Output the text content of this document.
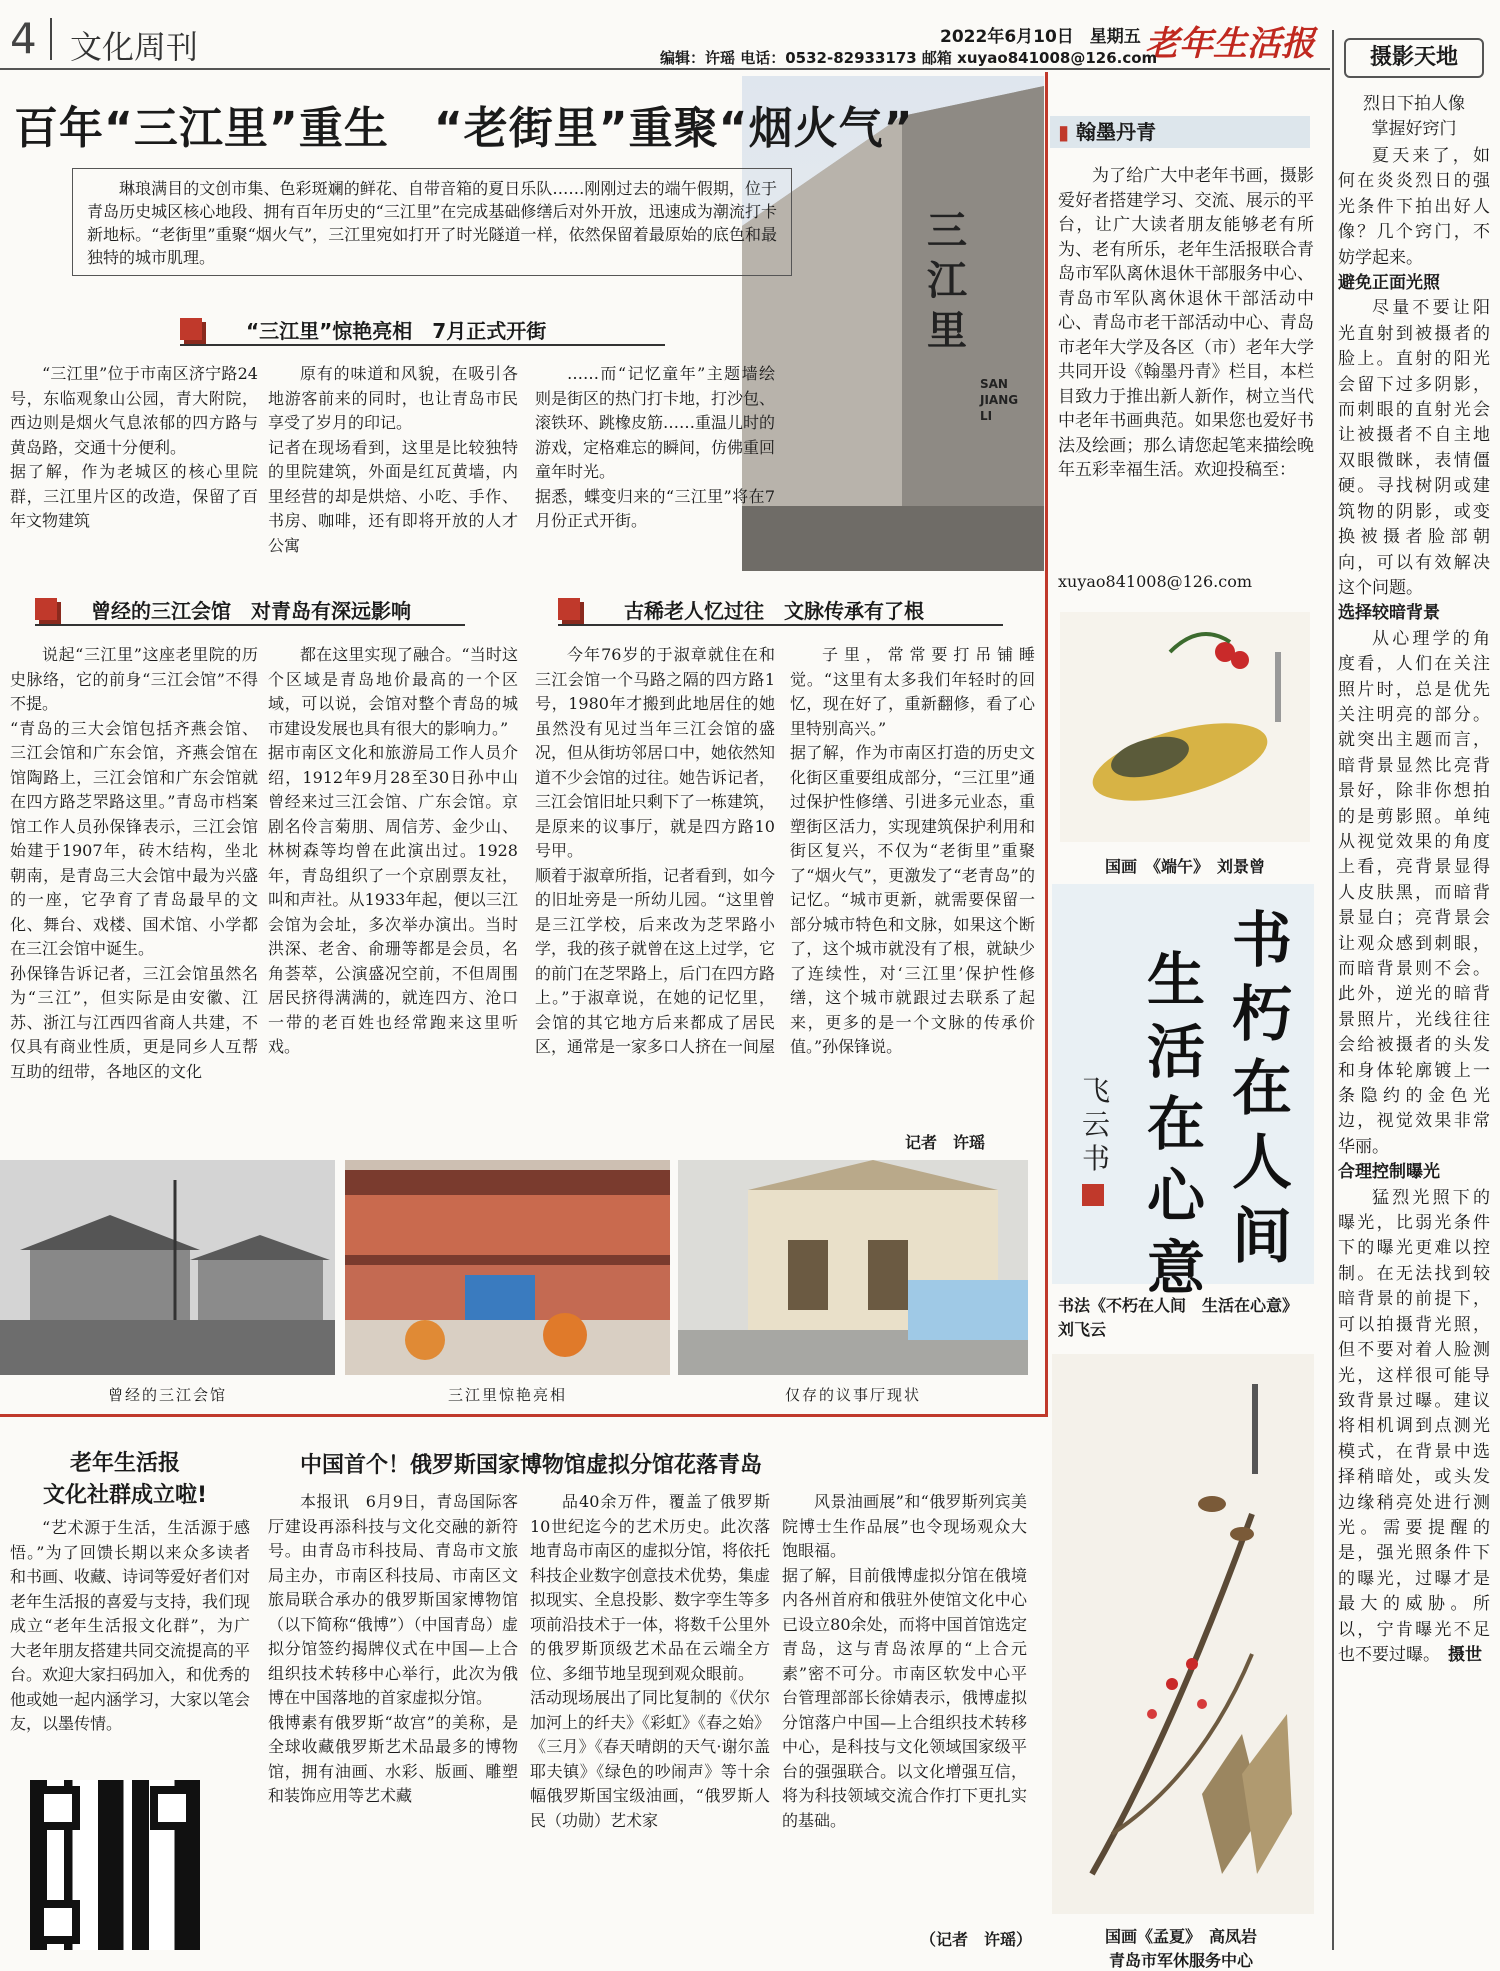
4 文化周刊	2022年6月10日 星期五 老年生活报
编辑：许瑶 电话：0532-82933173 邮箱 xuyao841008@126.com
三江里
SAN JIANG LI
百年“三江里”重生　“老街里”重聚“烟火气”
琳琅满目的文创市集、色彩斑斓的鲜花、自带音箱的夏日乐队……刚刚过去的端午假期，位于青岛历史城区核心地段、拥有百年历史的“三江里”在完成基础修缮后对外开放，迅速成为潮流打卡新地标。“老街里”重聚“烟火气”，三江里宛如打开了时光隧道一样，依然保留着最原始的底色和最独特的城市肌理。
“三江里”惊艳亮相　7月正式开街
“三江里”位于市南区济宁路24号，东临观象山公园，青大附院，西边则是烟火气息浓郁的四方路与黄岛路，交通十分便利。
据了解，作为老城区的核心里院群，三江里片区的改造，保留了百年文物建筑
原有的味道和风貌，在吸引各地游客前来的同时，也让青岛市民享受了岁月的印记。
记者在现场看到，这里是比较独特的里院建筑，外面是红瓦黄墙，内里经营的却是烘焙、小吃、手作、书房、咖啡，还有即将开放的人才公寓
……而“记忆童年”主题墙绘则是街区的热门打卡地，打沙包、滚铁环、跳橡皮筋……重温儿时的游戏，定格难忘的瞬间，仿佛重回童年时光。
据悉，蝶变归来的“三江里”将在7月份正式开街。
曾经的三江会馆　对青岛有深远影响	古稀老人忆过往　文脉传承有了根
说起“三江里”这座老里院的历史脉络，它的前身“三江会馆”不得不提。
“青岛的三大会馆包括齐燕会馆、三江会馆和广东会馆，齐燕会馆在馆陶路上，三江会馆和广东会馆就在四方路芝罘路这里。”青岛市档案馆工作人员孙保锋表示，三江会馆始建于1907年，砖木结构，坐北朝南，是青岛三大会馆中最为兴盛的一座，它孕育了青岛最早的文化、舞台、戏楼、国术馆、小学都在三江会馆中诞生。
孙保锋告诉记者，三江会馆虽然名为“三江”，但实际是由安徽、江苏、浙江与江西四省商人共建，不仅具有商业性质，更是同乡人互帮互助的纽带，各地区的文化
都在这里实现了融合。“当时这个区域是青岛地价最高的一个区域，可以说，会馆对整个青岛的城市建设发展也具有很大的影响力。”
据市南区文化和旅游局工作人员介绍，1912年9月28至30日孙中山曾经来过三江会馆、广东会馆。京剧名伶言菊朋、周信芳、金少山、林树森等均曾在此演出过。1928年，青岛组织了一个京剧票友社，叫和声社。从1933年起，便以三江会馆为会址，多次举办演出。当时洪深、老舍、俞珊等都是会员，名角荟萃，公演盛况空前，不但周围居民挤得满满的，就连四方、沧口一带的老百姓也经常跑来这里听戏。
今年76岁的于淑章就住在和三江会馆一个马路之隔的四方路1号，1980年才搬到此地居住的她虽然没有见过当年三江会馆的盛况，但从街坊邻居口中，她依然知道不少会馆的过往。她告诉记者，三江会馆旧址只剩下了一栋建筑，是原来的议事厅，就是四方路10号甲。
顺着于淑章所指，记者看到，如今的旧址旁是一所幼儿园。“这里曾是三江学校，后来改为芝罘路小学，我的孩子就曾在这上过学，它的前门在芝罘路上，后门在四方路上。”于淑章说，在她的记忆里，会馆的其它地方后来都成了居民区，通常是一家多口人挤在一间屋
子里，常常要打吊铺睡觉。“这里有太多我们年轻时的回忆，现在好了，重新翻修，看了心里特别高兴。”
据了解，作为市南区打造的历史文化街区重要组成部分，“三江里”通过保护性修缮、引进多元业态，重塑街区活力，实现建筑保护利用和街区复兴，不仅为“老街里”重聚了“烟火气”，更激发了“老青岛”的记忆。“城市更新，就需要保留一部分城市特色和文脉，如果这个断了，这个城市就没有了根，就缺少了连续性，对‘三江里’保护性修缮，这个城市就跟过去联系了起来，更多的是一个文脉的传承价值。”孙保锋说。
记者　许瑶
曾经的三江会馆	三江里惊艳亮相	仅存的议事厅现状
老年生活报
文化社群成立啦!
“艺术源于生活，生活源于感悟。”为了回馈长期以来众多读者和书画、收藏、诗词等爱好者们对老年生活报的喜爱与支持，我们现成立“老年生活报文化群”，为广大老年朋友搭建共同交流提高的平台。欢迎大家扫码加入，和优秀的他或她一起内涵学习，大家以笔会友，以墨传情。
中国首个！俄罗斯国家博物馆虚拟分馆花落青岛
本报讯　6月9日，青岛国际客厅建设再添科技与文化交融的新符号。由青岛市科技局、青岛市文旅局主办，市南区科技局、市南区文旅局联合承办的俄罗斯国家博物馆（以下简称“俄博”）（中国青岛）虚拟分馆签约揭牌仪式在中国—上合组织技术转移中心举行，此次为俄博在中国落地的首家虚拟分馆。
俄博素有俄罗斯“故宫”的美称，是全球收藏俄罗斯艺术品最多的博物馆，拥有油画、水彩、版画、雕塑和装饰应用等艺术藏
品40余万件，覆盖了俄罗斯10世纪迄今的艺术历史。此次落地青岛市南区的虚拟分馆，将依托科技企业数字创意技术优势，集虚拟现实、全息投影、数字孪生等多项前沿技术于一体，将数千公里外的俄罗斯顶级艺术品在云端全方位、多细节地呈现到观众眼前。
活动现场展出了同比复制的《伏尔加河上的纤夫》《彩虹》《春之始》《三月》《春天晴朗的天气·谢尔盖耶夫镇》《绿色的吵闹声》等十余幅俄罗斯国宝级油画，“俄罗斯人民（功勋）艺术家
风景油画展”和“俄罗斯列宾美院博士生作品展”也令现场观众大饱眼福。
据了解，目前俄博虚拟分馆在俄境内各州首府和俄驻外使馆文化中心已设立80余处，而将中国首馆选定青岛，这与青岛浓厚的“上合元素”密不可分。市南区软发中心平台管理部部长徐婧表示，俄博虚拟分馆落户中国—上合组织技术转移中心，是科技与文化领域国家级平台的强强联合。以文化增强互信，将为科技领域交流合作打下更扎实的基础。
（记者　许瑶）
▮ 翰墨丹青
为了给广大中老年书画，摄影爱好者搭建学习、交流、展示的平台，让广大读者朋友能够老有所为、老有所乐，老年生活报联合青岛市军队离休退休干部服务中心、青岛市军队离休退休干部活动中心、青岛市老干部活动中心、青岛市老年大学及各区（市）老年大学共同开设《翰墨丹青》栏目，本栏目致力于推出新人新作，树立当代中老年书画典范。如果您也爱好书法及绘画；那么请您起笔来描绘晚年五彩幸福生活。欢迎投稿至：
xuyao841008@126.com
国画　《端午》　刘景曾
书朽在人间
生活在心意
飞云书
书法《不朽在人间　生活在心意》　刘飞云
国画《孟夏》　高凤岩
青岛市军休服务中心
摄影天地
烈日下拍人像
掌握好窍门

夏天来了，如何在炎炎烈日的强光条件下拍出好人像？几个窍门，不妨学起来。

避免正面光照

尽量不要让阳光直射到被摄者的脸上。直射的阳光会留下过多阴影，而刺眼的直射光会让被摄者不自主地双眼微眯，表情僵硬。寻找树阴或建筑物的阴影，或变换被摄者脸部朝向，可以有效解决这个问题。

选择较暗背景

从心理学的角度看，人们在关注照片时，总是优先关注明亮的部分。就突出主题而言，暗背景显然比亮背景好，除非你想拍的是剪影照。单纯从视觉效果的角度上看，亮背景显得人皮肤黑，而暗背景显白；亮背景会让观众感到刺眼，而暗背景则不会。此外，逆光的暗背景照片，光线往往会给被摄者的头发和身体轮廓镀上一条隐约的金色光边，视觉效果非常华丽。

合理控制曝光

猛烈光照下的曝光，比弱光条件下的曝光更难以控制。在无法找到较暗背景的前提下，可以拍摄背光照，但不要对着人脸测光，这样很可能导致背景过曝。建议将相机调到点测光模式，在背景中选择稍暗处，或头发边缘稍亮处进行测光。需要提醒的是，强光照条件下的曝光，过曝才是最大的威胁。所以，宁肯曝光不足也不要过曝。 摄世
